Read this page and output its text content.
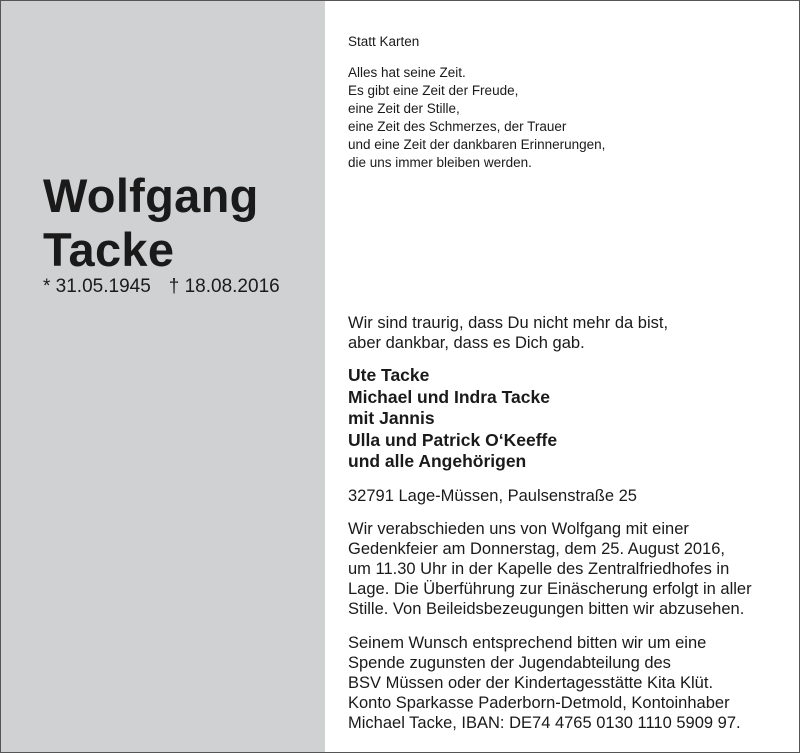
Wolfgang
Tacke
* 31.05.1945 † 18.08.2016
Statt Karten
Alles hat seine Zeit.
Es gibt eine Zeit der Freude,
eine Zeit der Stille,
eine Zeit des Schmerzes, der Trauer
und eine Zeit der dankbaren Erinnerungen,
die uns immer bleiben werden.
Wir sind traurig, dass Du nicht mehr da bist,
aber dankbar, dass es Dich gab.
Ute Tacke
Michael und Indra Tacke
mit Jannis
Ulla und Patrick O‘Keeffe
und alle Angehörigen
32791 Lage-Müssen, Paulsenstraße 25
Wir verabschieden uns von Wolfgang mit einer
Gedenkfeier am Donnerstag, dem 25. August 2016,
um 11.30 Uhr in der Kapelle des Zentralfriedhofes in
Lage. Die Überführung zur Einäscherung erfolgt in aller
Stille. Von Beileidsbezeugungen bitten wir abzusehen.
Seinem Wunsch entsprechend bitten wir um eine
Spende zugunsten der Jugendabteilung des
BSV Müssen oder der Kindertagesstätte Kita Klüt.
Konto Sparkasse Paderborn-Detmold, Kontoinhaber
Michael Tacke, IBAN: DE74 4765 0130 1110 5909 97.
